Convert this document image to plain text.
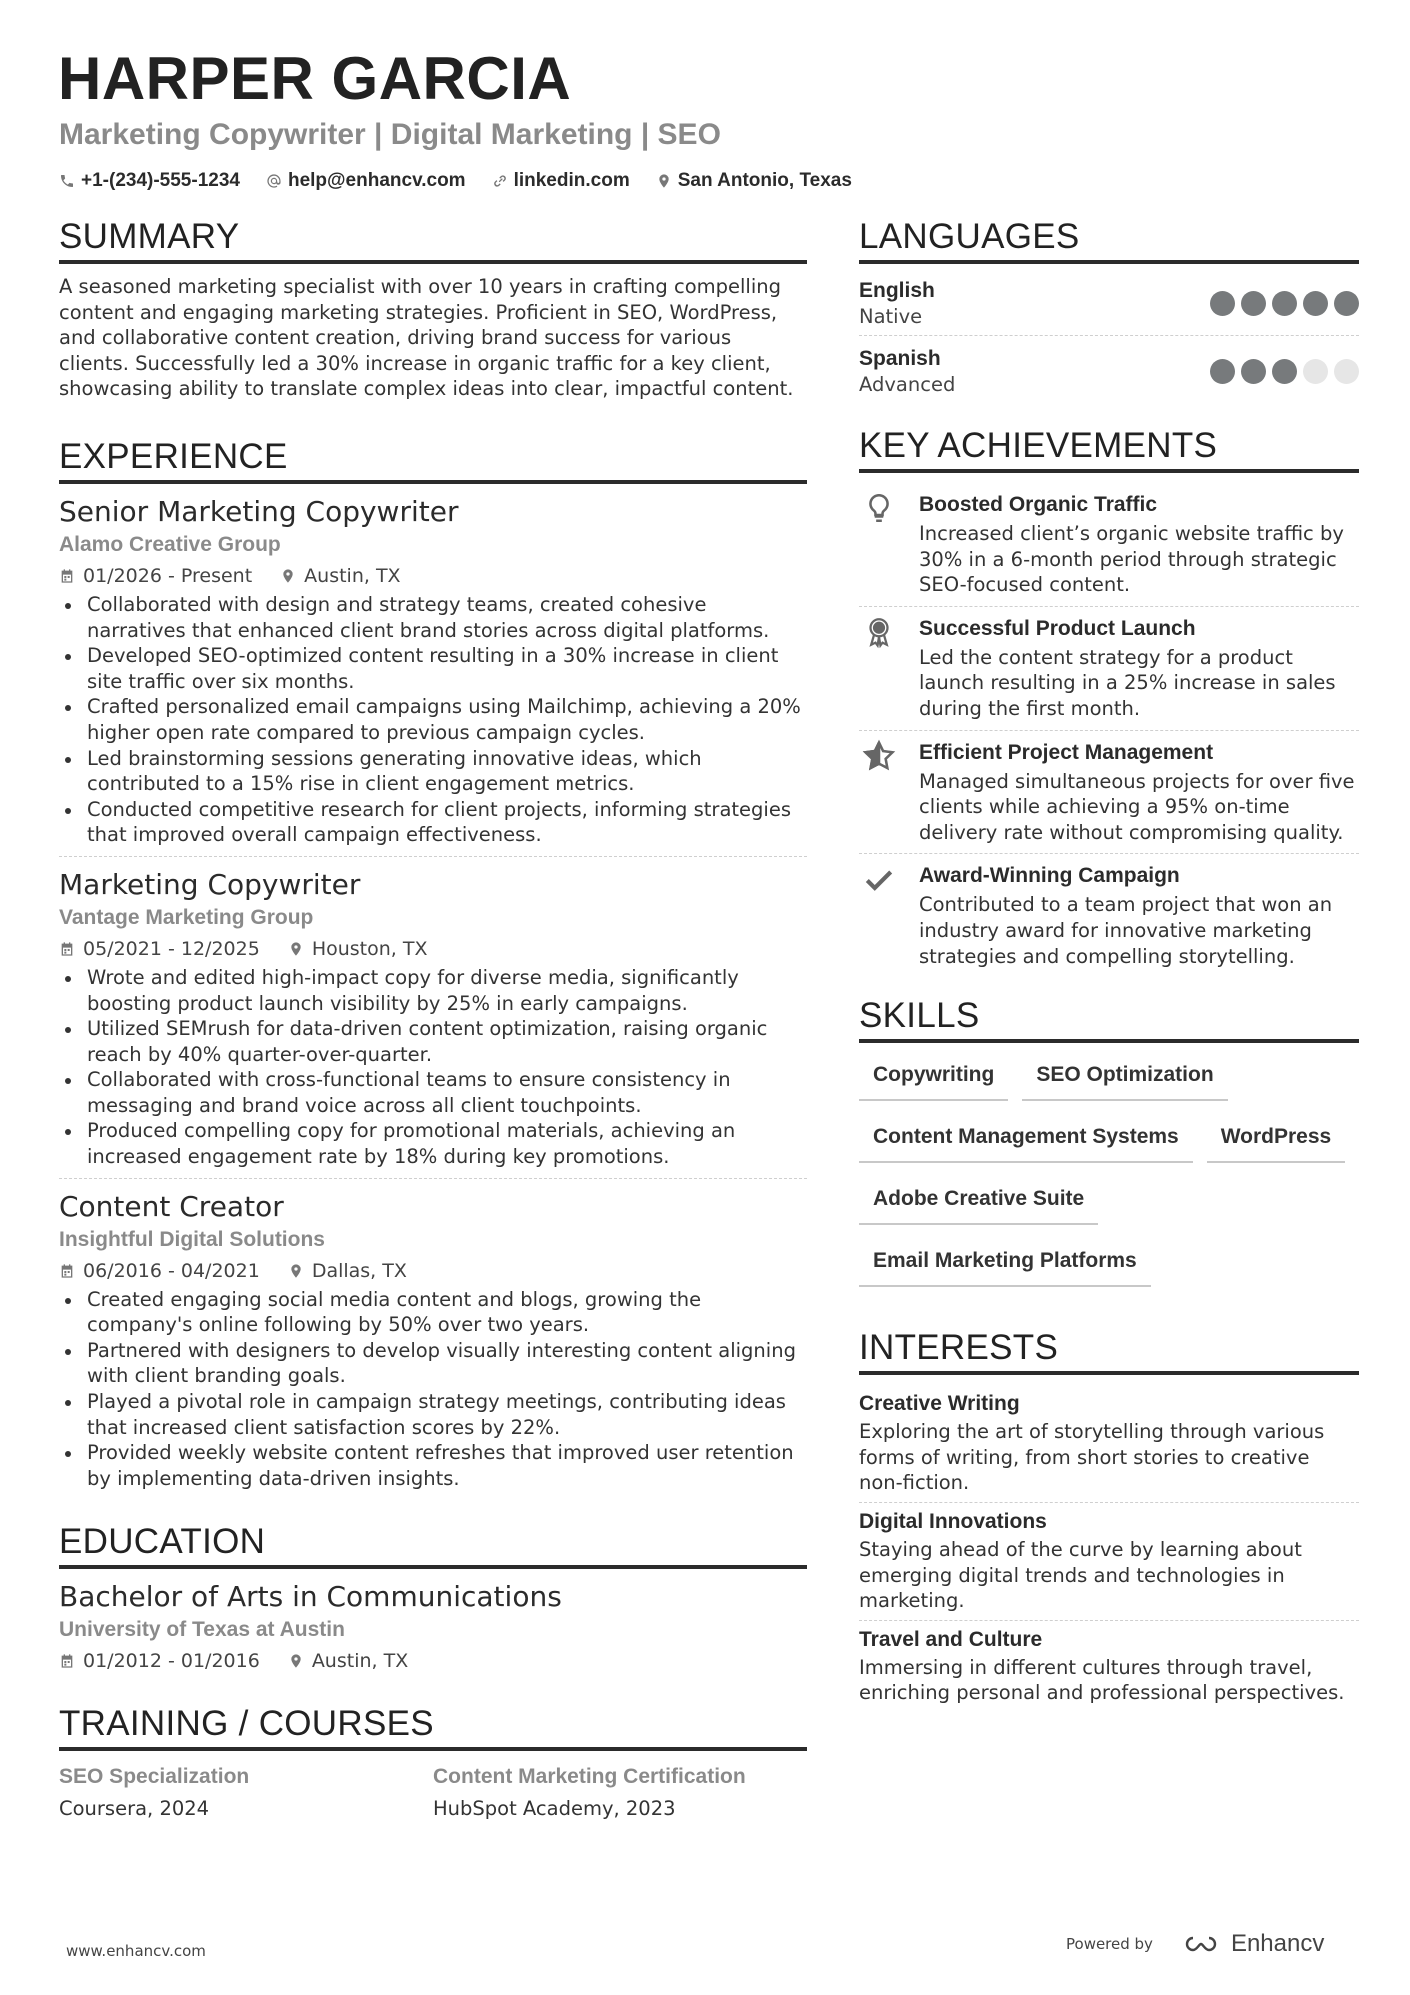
HARPER GARCIA
Marketing Copywriter | Digital Marketing | SEO
+1-(234)-555-1234	help@enhancv.com	linkedin.com	San Antonio, Texas
SUMMARY
A seasoned marketing specialist with over 10 years in crafting compelling content and engaging marketing strategies. Proficient in SEO, WordPress, and collaborative content creation, driving brand success for various clients. Successfully led a 30% increase in organic traffic for a key client, showcasing ability to translate complex ideas into clear, impactful content.
EXPERIENCE
Senior Marketing Copywriter
Alamo Creative Group
01/2026 - Present	Austin, TX
Collaborated with design and strategy teams, created cohesive narratives that enhanced client brand stories across digital platforms.
Developed SEO-optimized content resulting in a 30% increase in client site traffic over six months.
Crafted personalized email campaigns using Mailchimp, achieving a 20% higher open rate compared to previous campaign cycles.
Led brainstorming sessions generating innovative ideas, which contributed to a 15% rise in client engagement metrics.
Conducted competitive research for client projects, informing strategies that improved overall campaign effectiveness.
Marketing Copywriter
Vantage Marketing Group
05/2021 - 12/2025	Houston, TX
Wrote and edited high-impact copy for diverse media, significantly boosting product launch visibility by 25% in early campaigns.
Utilized SEMrush for data-driven content optimization, raising organic reach by 40% quarter-over-quarter.
Collaborated with cross-functional teams to ensure consistency in messaging and brand voice across all client touchpoints.
Produced compelling copy for promotional materials, achieving an increased engagement rate by 18% during key promotions.
Content Creator
Insightful Digital Solutions
06/2016 - 04/2021	Dallas, TX
Created engaging social media content and blogs, growing the company's online following by 50% over two years.
Partnered with designers to develop visually interesting content aligning with client branding goals.
Played a pivotal role in campaign strategy meetings, contributing ideas that increased client satisfaction scores by 22%.
Provided weekly website content refreshes that improved user retention by implementing data-driven insights.
EDUCATION
Bachelor of Arts in Communications
University of Texas at Austin
01/2012 - 01/2016	Austin, TX
TRAINING / COURSES
SEO Specialization
Coursera, 2024
Content Marketing Certification
HubSpot Academy, 2023
LANGUAGES
English
Native
Spanish
Advanced
KEY ACHIEVEMENTS
Boosted Organic Traffic
Increased client’s organic website traffic by 30% in a 6-month period through strategic SEO-focused content.
Successful Product Launch
Led the content strategy for a product launch resulting in a 25% increase in sales during the first month.
Efficient Project Management
Managed simultaneous projects for over five clients while achieving a 95% on-time delivery rate without compromising quality.
Award-Winning Campaign
Contributed to a team project that won an industry award for innovative marketing strategies and compelling storytelling.
SKILLS
Copywriting	SEO Optimization
Content Management Systems	WordPress
Adobe Creative Suite
Email Marketing Platforms
INTERESTS
Creative Writing
Exploring the art of storytelling through various forms of writing, from short stories to creative non-fiction.
Digital Innovations
Staying ahead of the curve by learning about emerging digital trends and technologies in marketing.
Travel and Culture
Immersing in different cultures through travel, enriching personal and professional perspectives.
www.enhancv.com	Powered by	Enhancv
